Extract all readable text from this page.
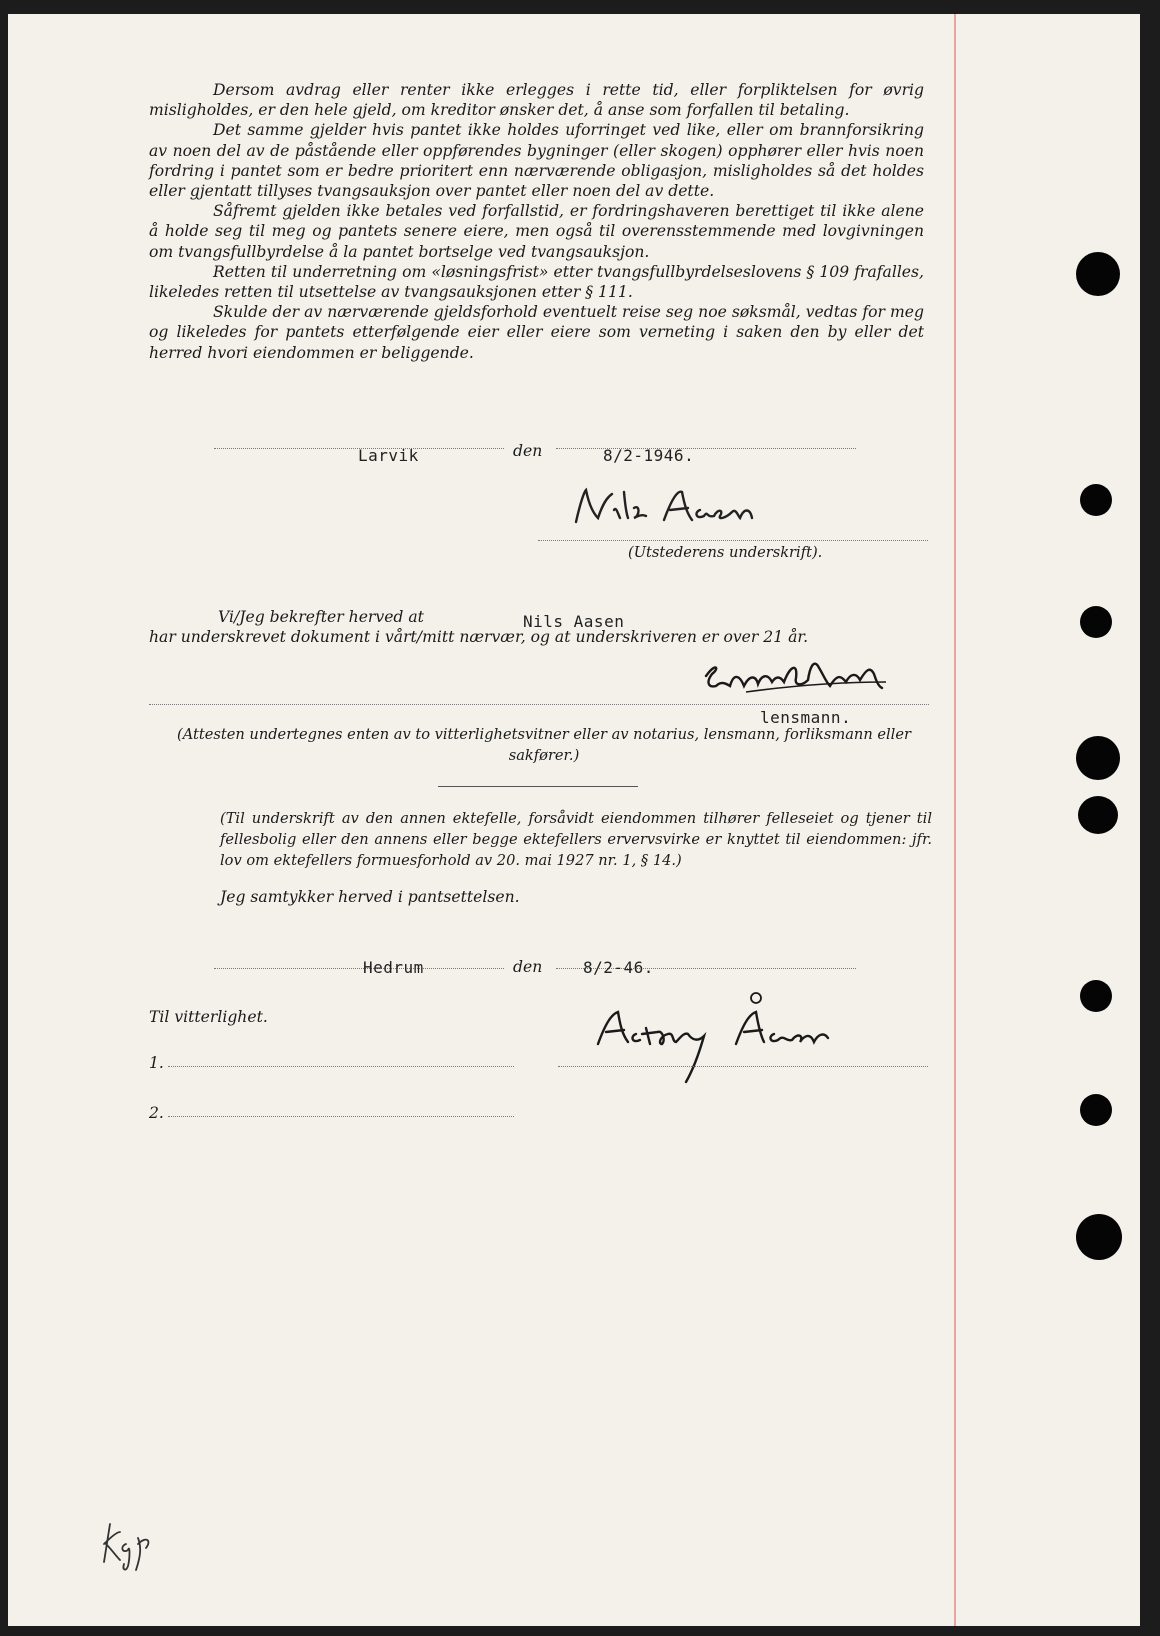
Dersom avdrag eller renter ikke erlegges i rette tid, eller forpliktelsen for øvrig misligholdes, er den hele gjeld, om kreditor ønsker det, å anse som forfallen til betaling.

Det samme gjelder hvis pantet ikke holdes uforringet ved like, eller om brannforsikring av noen del av de påstående eller oppførendes bygninger (eller skogen) opphører eller hvis noen fordring i pantet som er bedre prioritert enn nærværende obligasjon, misligholdes så det holdes eller gjentatt tillyses tvangsauksjon over pantet eller noen del av dette.

Såfremt gjelden ikke betales ved forfallstid, er fordringshaveren berettiget til ikke alene å holde seg til meg og pantets senere eiere, men også til overensstemmende med lovgivningen om tvangsfullbyrdelse å la pantet bortselge ved tvangsauksjon.

Retten til underretning om «løsningsfrist» etter tvangsfullbyrdelseslovens § 109 frafalles, likeledes retten til utsettelse av tvangsauksjonen etter § 111.

Skulde der av nærværende gjeldsforhold eventuelt reise seg noe søksmål, vedtas for meg og likeledes for pantets etterfølgende eier eller eiere som verneting i saken den by eller det herred hvori eiendommen er beliggende.

Larvik	den	8/2-1946.
(Utstederens underskrift).
Vi/Jeg bekrefter herved at	Nils Aasen
har underskrevet dokument i vårt/mitt nærvær, og at underskriveren er over 21 år.
lensmann.
(Attesten undertegnes enten av to vitterlighetsvitner eller av notarius, lensmann, forliksmann eller sakfører.)
(Til underskrift av den annen ektefelle, forsåvidt eiendommen tilhører felleseiet og tjener til fellesbolig eller den annens eller begge ektefellers ervervsvirke er knyttet til eiendommen: jfr. lov om ektefellers formuesforhold av 20. mai 1927 nr. 1, § 14.)
Jeg samtykker herved i pantsettelsen.
Hedrum	den	8/2-46.
Til vitterlighet.
1.
2.
